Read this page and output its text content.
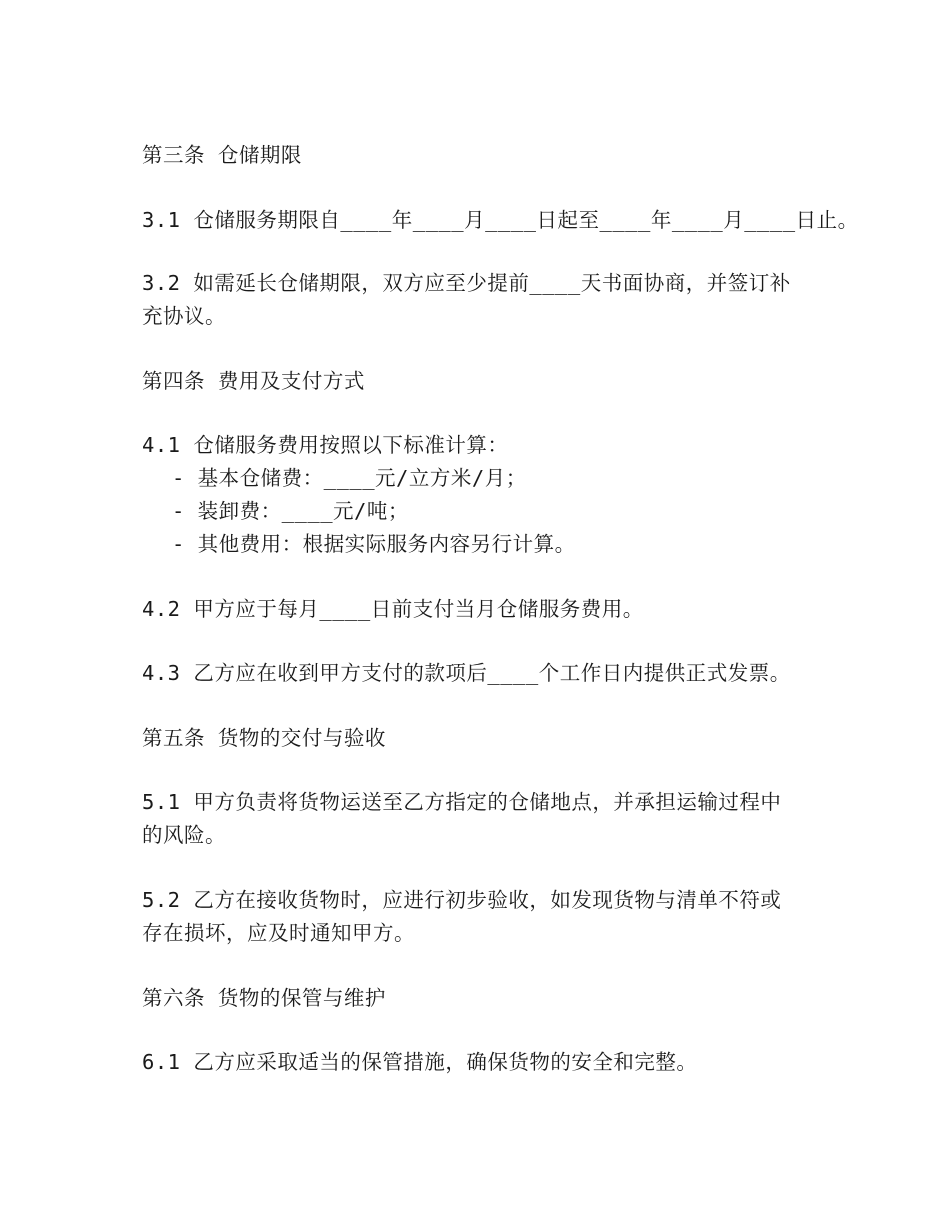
第三条 仓储期限
3.1 仓储服务期限自____年____月____日起至____年____月____日止。
3.2 如需延长仓储期限，双方应至少提前____天书面协商，并签订补
充协议。
第四条 费用及支付方式
4.1 仓储服务费用按照以下标准计算：
- 基本仓储费：____元/立方米/月；
- 装卸费：____元/吨；
- 其他费用：根据实际服务内容另行计算。
4.2 甲方应于每月____日前支付当月仓储服务费用。
4.3 乙方应在收到甲方支付的款项后____个工作日内提供正式发票。
第五条 货物的交付与验收
5.1 甲方负责将货物运送至乙方指定的仓储地点，并承担运输过程中
的风险。
5.2 乙方在接收货物时，应进行初步验收，如发现货物与清单不符或
存在损坏，应及时通知甲方。
第六条 货物的保管与维护
6.1 乙方应采取适当的保管措施，确保货物的安全和完整。
